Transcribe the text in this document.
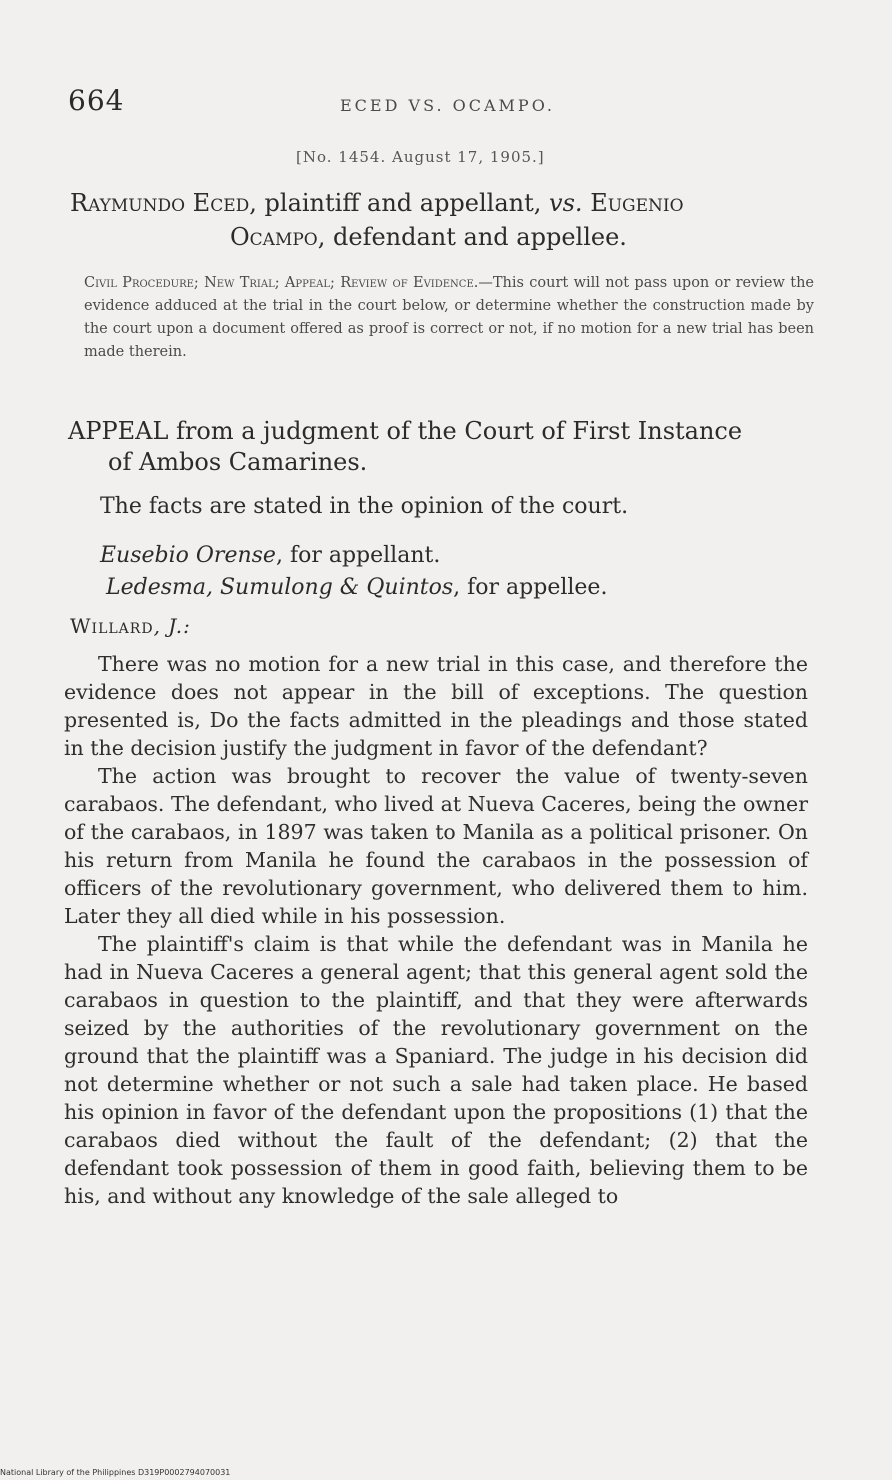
664	ECED VS. OCAMPO.
[No. 1454. August 17, 1905.]
Raymundo Eced, plaintiff and appellant, vs. Eugenio
Ocampo, defendant and appellee.
Civil Procedure; New Trial; Appeal; Review of Evidence.—This court will not pass upon or review the evidence adduced at the trial in the court below, or determine whether the construction made by the court upon a document offered as proof is correct or not, if no motion for a new trial has been made therein.
APPEAL from a judgment of the Court of First Instance
of Ambos Camarines.
The facts are stated in the opinion of the court.
Eusebio Orense, for appellant.
Ledesma, Sumulong & Quintos, for appellee.
Willard, J.:

There was no motion for a new trial in this case, and therefore the evidence does not appear in the bill of exceptions. The question presented is, Do the facts admitted in the pleadings and those stated in the decision justify the judgment in favor of the defendant?

The action was brought to recover the value of twenty-seven carabaos. The defendant, who lived at Nueva Caceres, being the owner of the carabaos, in 1897 was taken to Manila as a political prisoner. On his return from Manila he found the carabaos in the possession of officers of the revolutionary government, who delivered them to him. Later they all died while in his possession.

The plaintiff's claim is that while the defendant was in Manila he had in Nueva Caceres a general agent; that this general agent sold the carabaos in question to the plaintiff, and that they were afterwards seized by the authorities of the revolutionary government on the ground that the plaintiff was a Spaniard. The judge in his decision did not determine whether or not such a sale had taken place. He based his opinion in favor of the defendant upon the propositions (1) that the carabaos died without the fault of the defendant; (2) that the defendant took possession of them in good faith, believing them to be his, and without any knowledge of the sale alleged to

National Library of the Philippines D319P0002794070031
